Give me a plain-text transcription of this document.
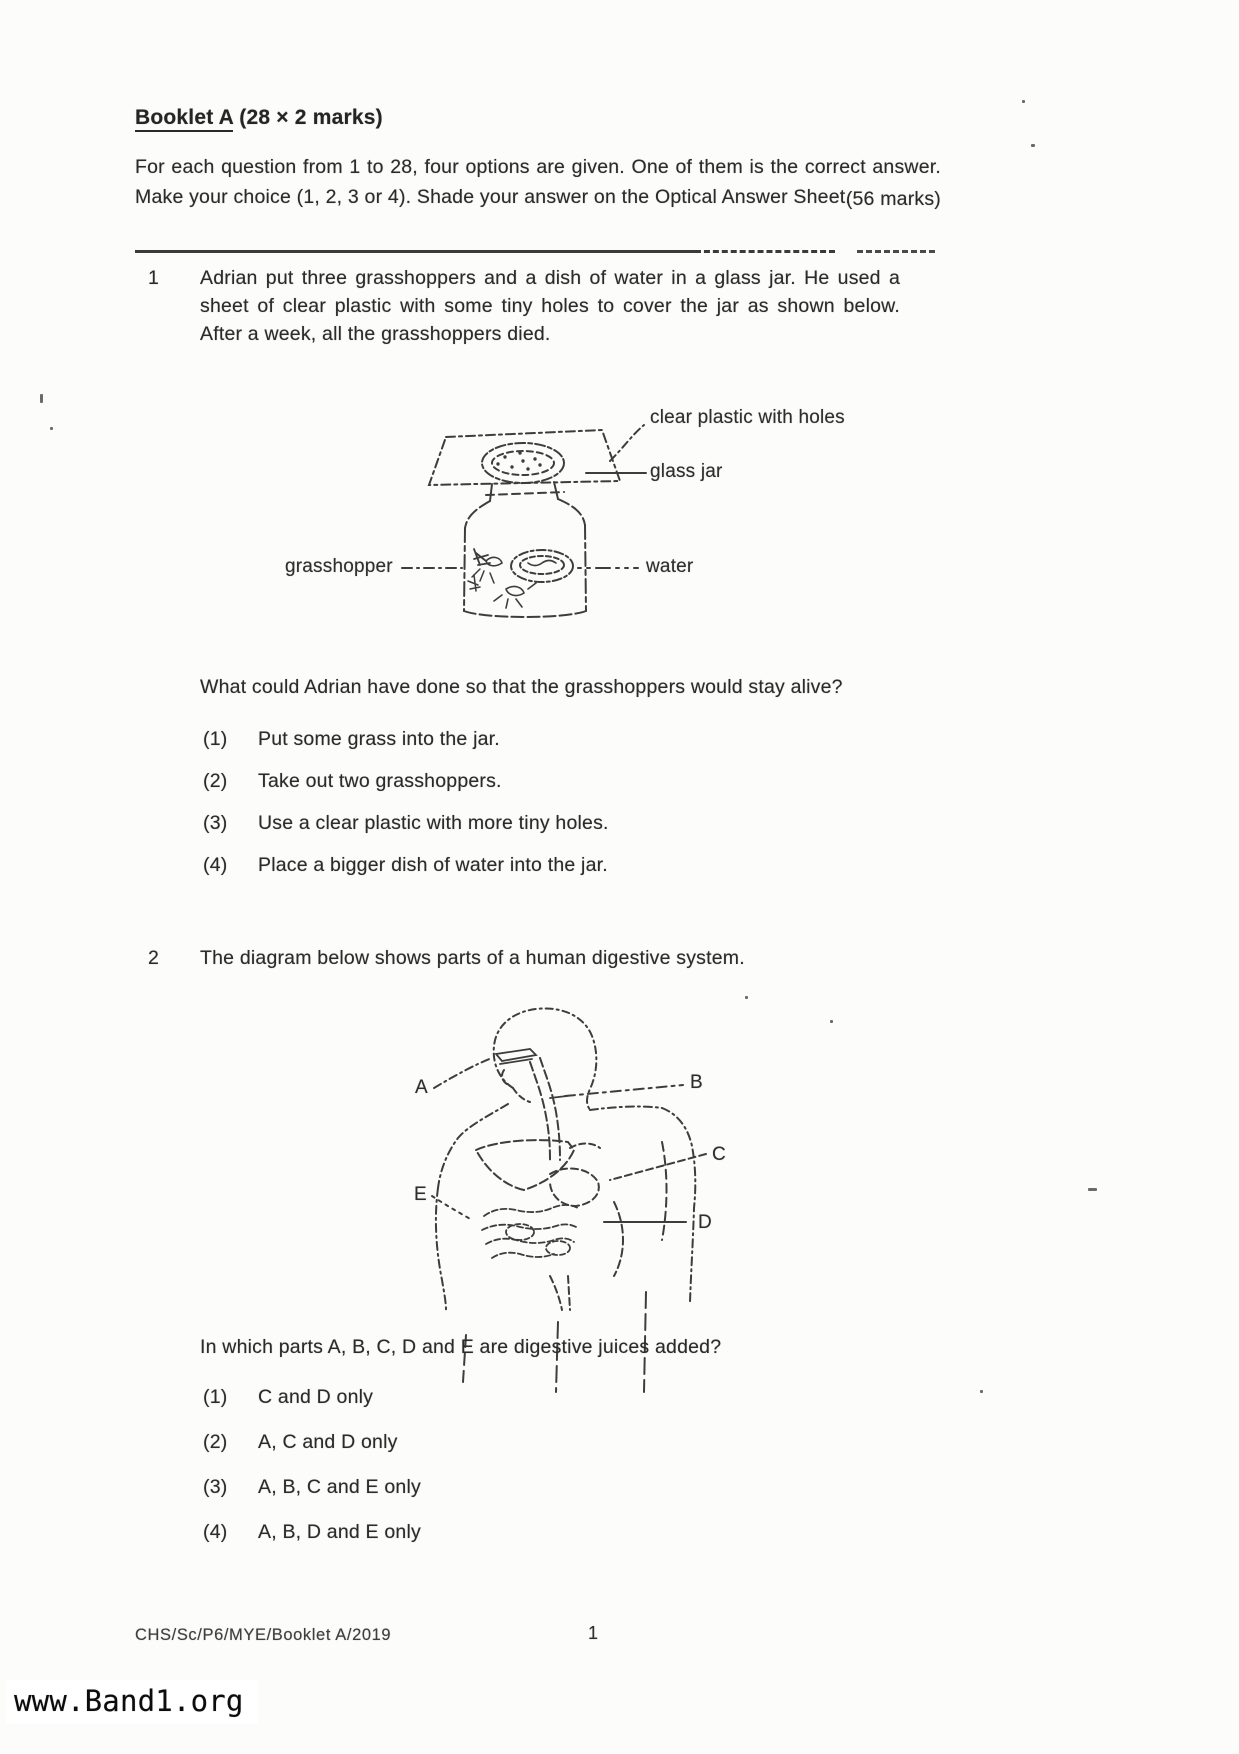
Booklet A (28 × 2 marks)
For each question from 1 to 28, four options are given. One of them is the correct answer. Make your choice (1, 2, 3 or 4). Shade your answer on the Optical Answer Sheet.
(56 marks)
1	Adrian put three grasshoppers and a dish of water in a glass jar. He used a sheet of clear plastic with some tiny holes to cover the jar as shown below. After a week, all the grasshoppers died.
clear plastic with holes
glass jar
grasshopper	water
What could Adrian have done so that the grasshoppers would stay alive?
(1)	Put some grass into the jar.
(2)	Take out two grasshoppers.
(3)	Use a clear plastic with more tiny holes.
(4)	Place a bigger dish of water into the jar.
2	The diagram below shows parts of a human digestive system.
A	B
C
D
E
In which parts A, B, C, D and E are digestive juices added?
(1)	C and D only
(2)	A, C and D only
(3)	A, B, C and E only
(4)	A, B, D and E only
CHS/Sc/P6/MYE/Booklet A/2019	1
www.Band1.org
